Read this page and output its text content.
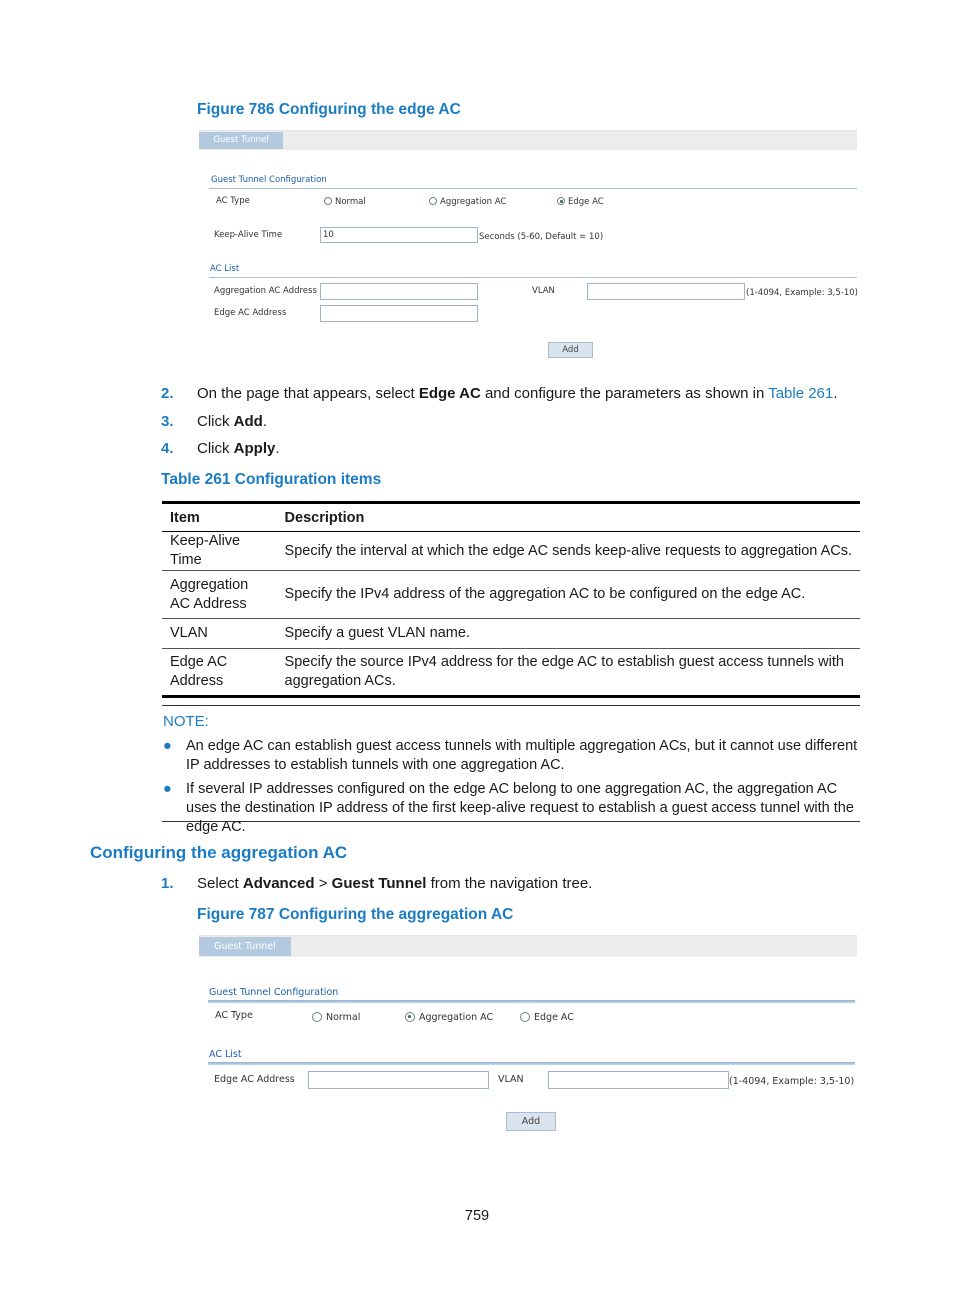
Figure 786 Configuring the edge AC
Guest Tunnel
Guest Tunnel Configuration
AC Type	Normal	Aggregation AC	Edge AC
Keep-Alive Time	10	Seconds (5-60, Default = 10)
AC List
Aggregation AC Address	VLAN	(1-4094, Example: 3,5-10)
Edge AC Address
Add
2. On the page that appears, select Edge AC and configure the parameters as shown in Table 261.
3. Click Add.
4. Click Apply.
Table 261 Configuration items
Item	Description
Keep-Alive Time	Specify the interval at which the edge AC sends keep-alive requests to aggregation ACs.
Aggregation AC Address	Specify the IPv4 address of the aggregation AC to be configured on the edge AC.
VLAN	Specify a guest VLAN name.
Edge AC Address	Specify the source IPv4 address for the edge AC to establish guest access tunnels with aggregation ACs.
NOTE:
● An edge AC can establish guest access tunnels with multiple aggregation ACs, but it cannot use different IP addresses to establish tunnels with one aggregation AC.
● If several IP addresses configured on the edge AC belong to one aggregation AC, the aggregation AC uses the destination IP address of the first keep-alive request to establish a guest access tunnel with the edge AC.
Configuring the aggregation AC
1. Select Advanced > Guest Tunnel from the navigation tree.
Figure 787 Configuring the aggregation AC
Guest Tunnel
Guest Tunnel Configuration
AC Type	Normal	Aggregation AC	Edge AC
AC List
Edge AC Address	VLAN	(1-4094, Example: 3,5-10)
Add
759
